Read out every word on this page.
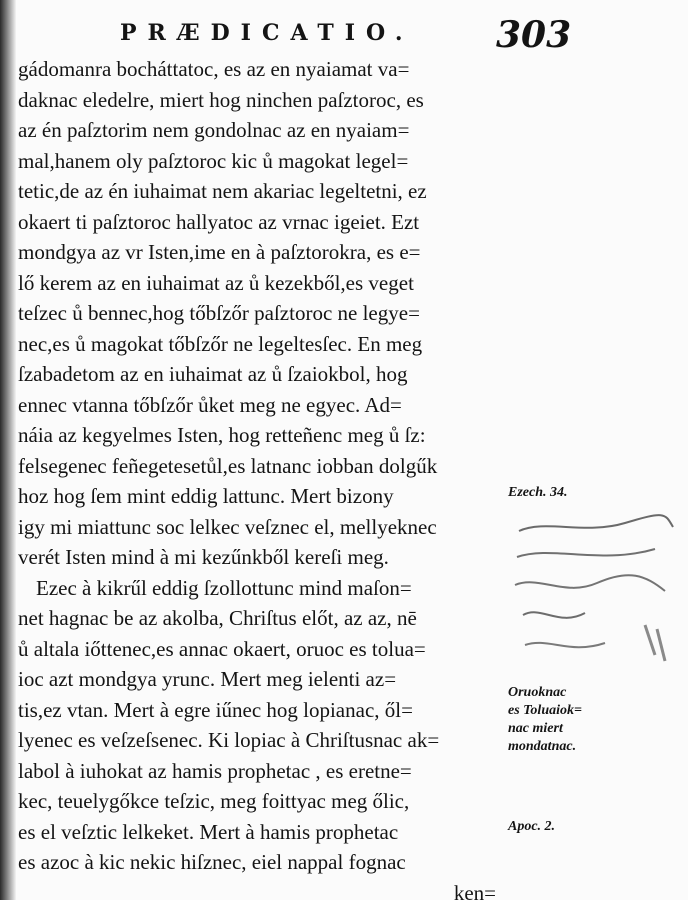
PRÆDICATIO. 303
gádomanra bocháttatoc, es az en nyaiamat va=
daknac eledelre, miert hog ninchen paſztoroc, es
az én paſztorim nem gondolnac az en nyaiam=
mal,hanem oly paſztoroc kic ů magokat legel=
tetic,de az én iuhaimat nem akariac legeltetni, ez
okaert ti paſztoroc hallyatoc az vrnac igeiet. Ezt
mondgya az vr Isten,ime en à paſztorokra, es e=
lő kerem az en iuhaimat az ů kezekből,es veget
teſzec ů bennec,hog tőbſzőr paſztoroc ne legye=
nec,es ů magokat tőbſzőr ne legeltesſec. En meg
ſzabadetom az en iuhaimat az ů ſzaiokbol, hog
ennec vtanna tőbſzőr ůket meg ne egyec. Ad=
náia az kegyelmes Isten, hog retteñenc meg ů ſz:
felsegenec feñegetesetůl,es latnanc iobban dolgűk
hoz hog ſem mint eddig lattunc. Mert bizony
igy mi miattunc soc lelkec veſznec el, mellyeknec
verét Isten mind à mi kezűnkből kereſi meg.
Ezec à kikrűl eddig ſzollottunc mind maſon=
net hagnac be az akolba, Chriſtus előt, az az, nē
ů altala iőttenec,es annac okaert, oruoc es tolua=
ioc azt mondgya yrunc. Mert meg ielenti az=
tis,ez vtan. Mert à egre iűnec hog lopianac, ől=
lyenec es veſzeſsenec. Ki lopiac à Chriſtusnac ak=
labol à iuhokat az hamis prophetac , es eretne=
kec, teuelygőkce teſzic, meg foittyac meg őlic,
es el veſztic lelkeket. Mert à hamis prophetac
es azoc à kic nekic hiſznec, eiel nappal fognac
ken=
Ezech. 34.
Oruoknac
es Toluaiok=
nac miert
mondatnac.
Apoc. 2.
